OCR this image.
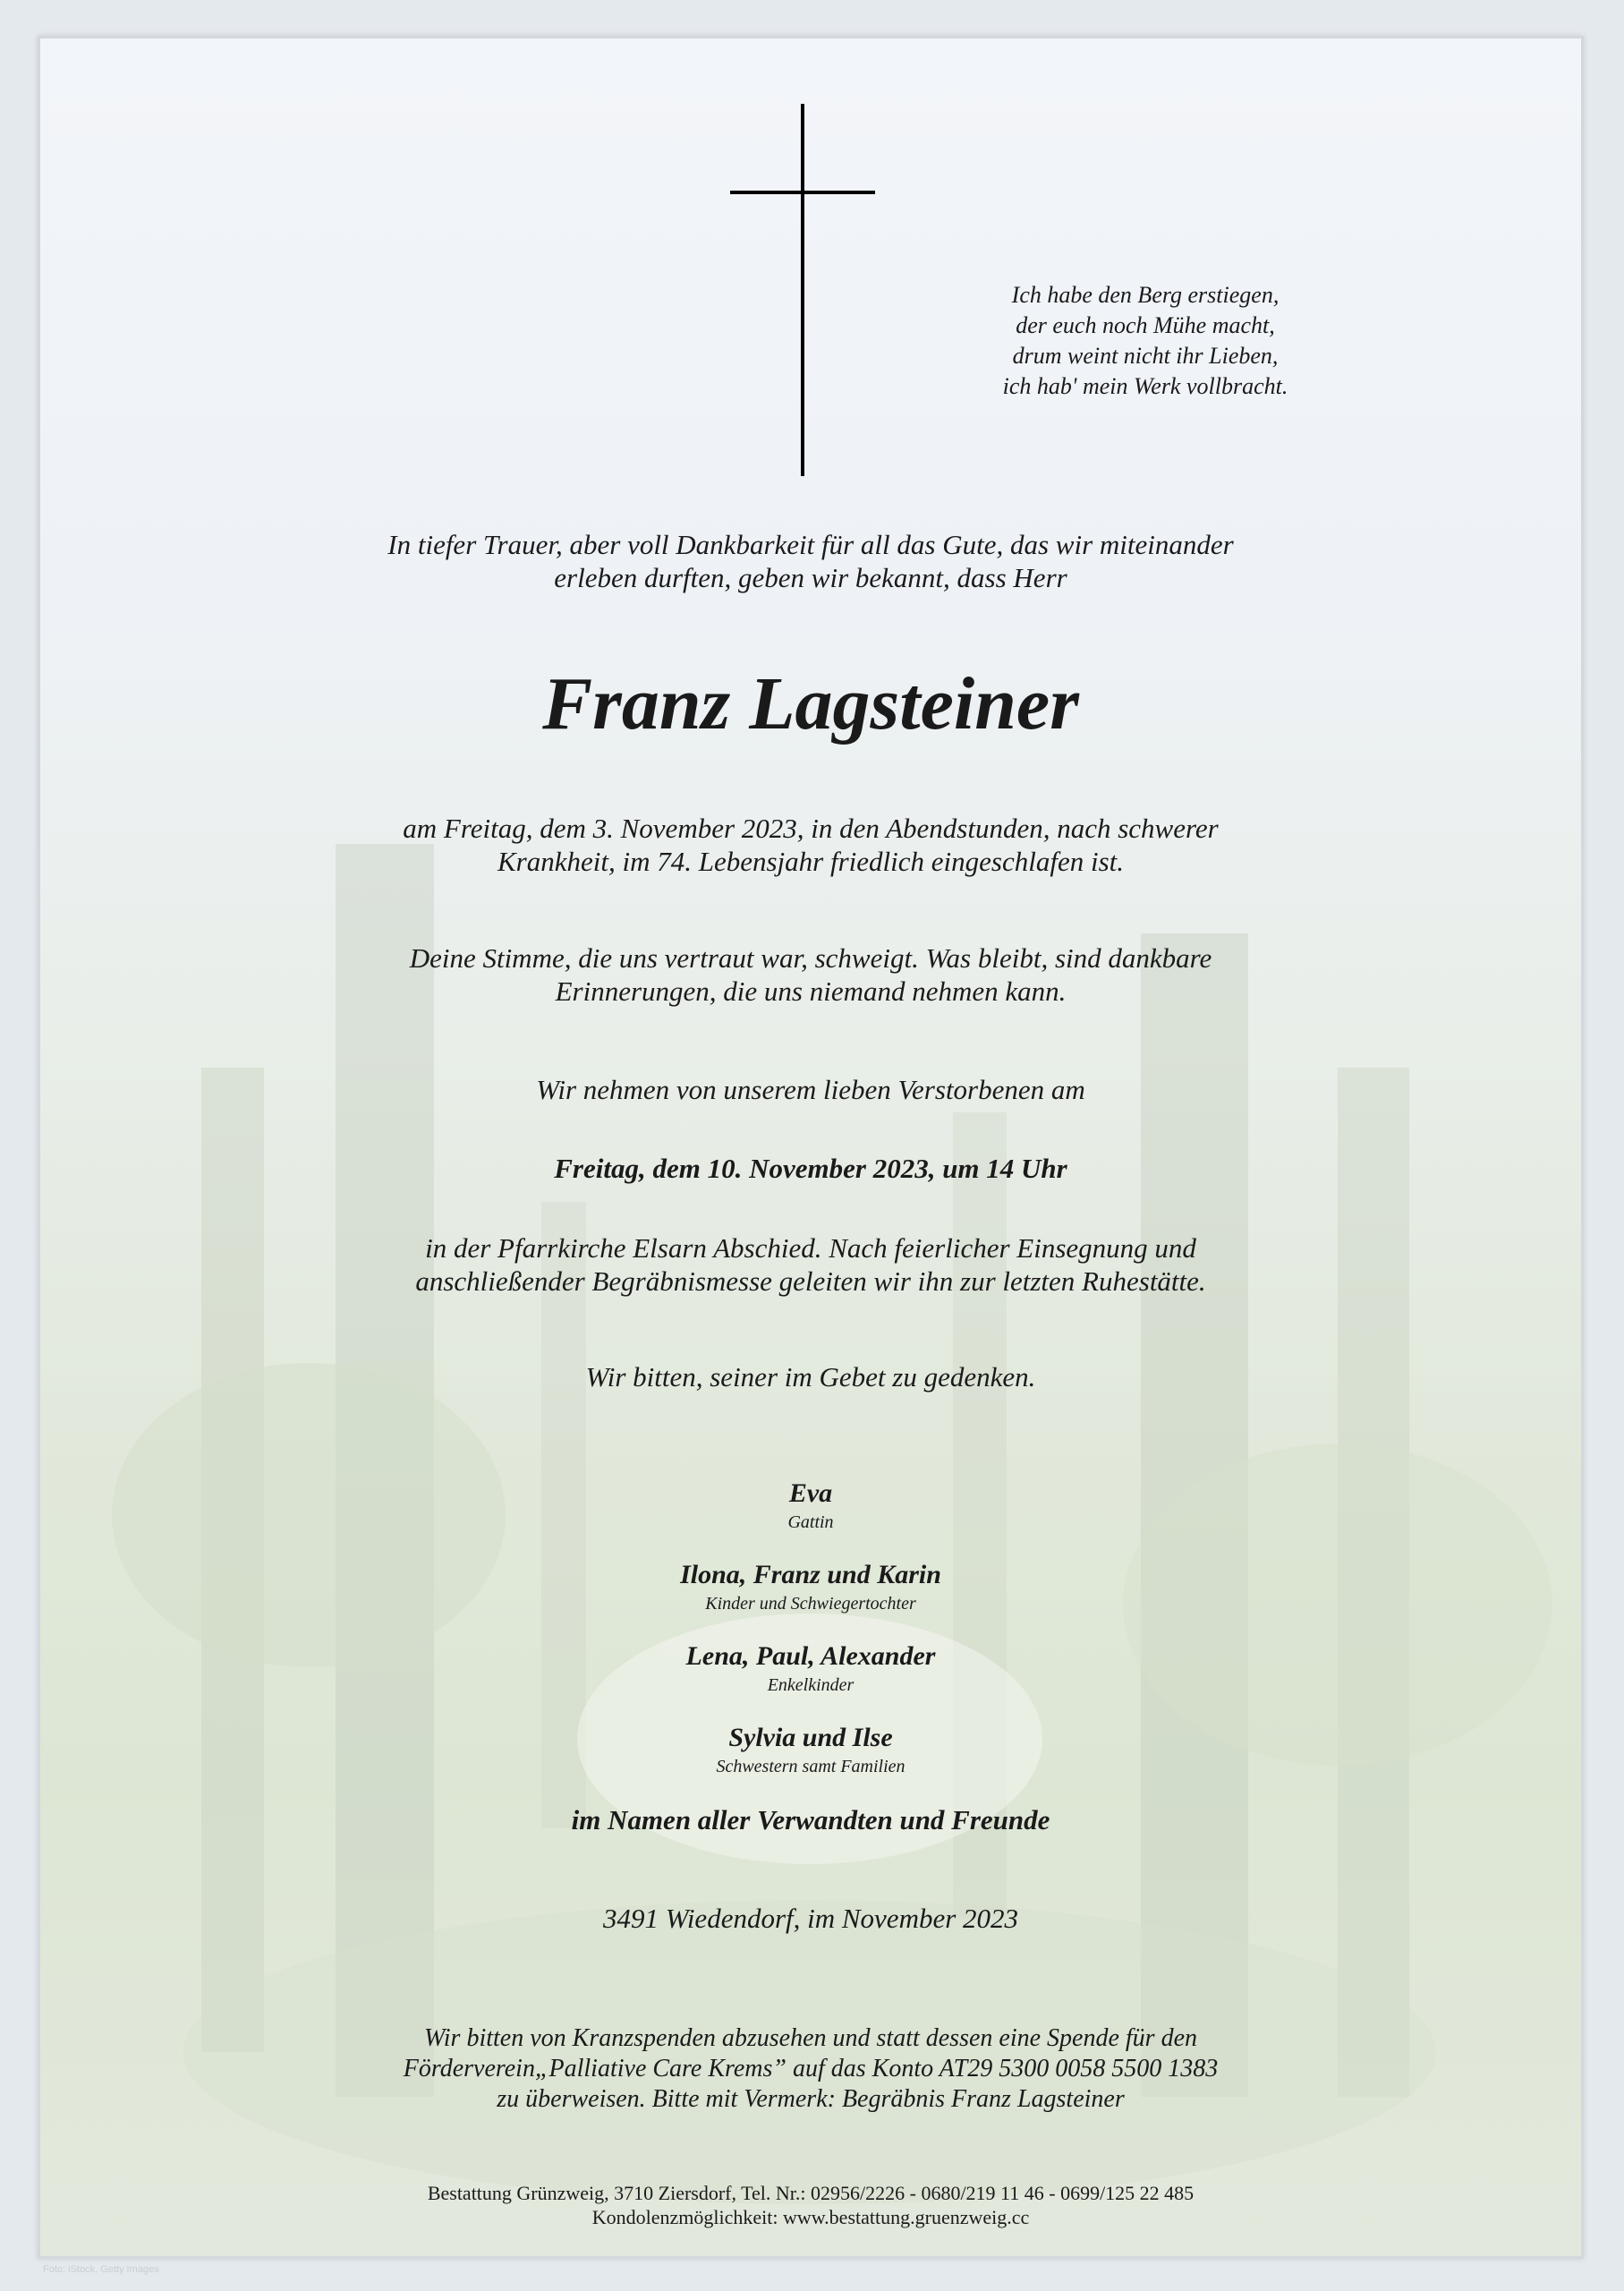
Ich habe den Berg erstiegen,
der euch noch Mühe macht,
drum weint nicht ihr Lieben,
ich hab' mein Werk vollbracht.
In tiefer Trauer, aber voll Dankbarkeit für all das Gute, das wir miteinander
erleben durften, geben wir bekannt, dass Herr
Franz Lagsteiner
am Freitag, dem 3. November 2023, in den Abendstunden, nach schwerer
Krankheit, im 74. Lebensjahr friedlich eingeschlafen ist.
Deine Stimme, die uns vertraut war, schweigt. Was bleibt, sind dankbare
Erinnerungen, die uns niemand nehmen kann.
Wir nehmen von unserem lieben Verstorbenen am
Freitag, dem 10. November 2023, um 14 Uhr
in der Pfarrkirche Elsarn Abschied. Nach feierlicher Einsegnung und
anschließender Begräbnismesse geleiten wir ihn zur letzten Ruhestätte.
Wir bitten, seiner im Gebet zu gedenken.
Eva
Gattin
Ilona, Franz und Karin
Kinder und Schwiegertochter
Lena, Paul, Alexander
Enkelkinder
Sylvia und Ilse
Schwestern samt Familien
im Namen aller Verwandten und Freunde
3491 Wiedendorf, im November 2023
Wir bitten von Kranzspenden abzusehen und statt dessen eine Spende für den
Förderverein„Palliative Care Krems” auf das Konto AT29 5300 0058 5500 1383
zu überweisen. Bitte mit Vermerk: Begräbnis Franz Lagsteiner
Bestattung Grünzweig, 3710 Ziersdorf, Tel. Nr.: 02956/2226 - 0680/219 11 46 - 0699/125 22 485
Kondolenzmöglichkeit: www.bestattung.gruenzweig.cc
Foto: iStock, Getty Images
